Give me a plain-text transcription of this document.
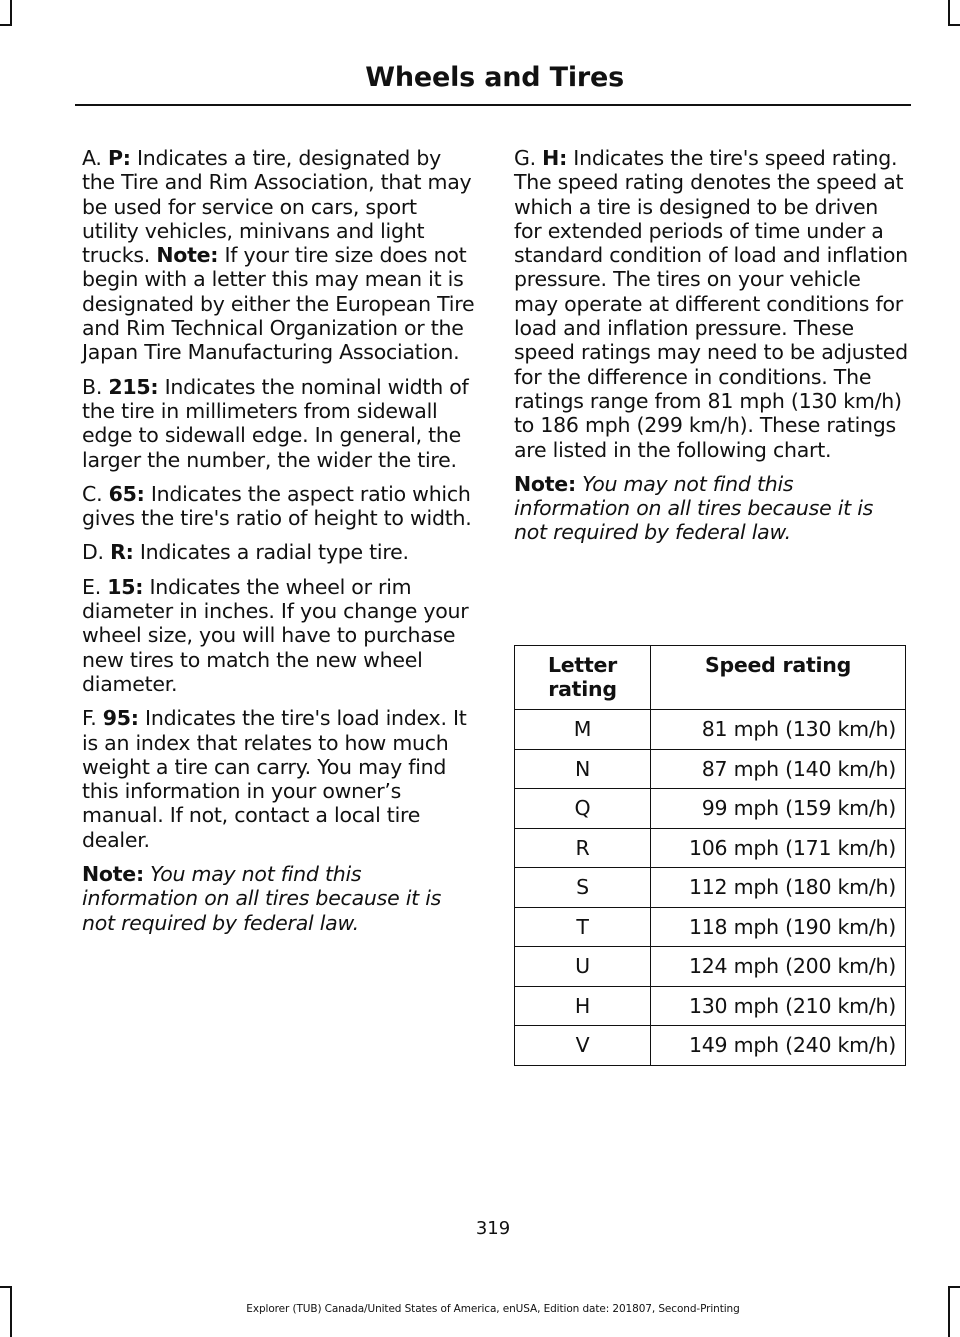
Wheels and Tires

A. P: Indicates a tire, designated by the Tire and Rim Association, that may be used for service on cars, sport utility vehicles, minivans and light trucks. Note: If your tire size does not begin with a letter this may mean it is designated by either the European Tire and Rim Technical Organization or the Japan Tire Manufacturing Association.

B. 215: Indicates the nominal width of the tire in millimeters from sidewall edge to sidewall edge. In general, the larger the number, the wider the tire.

C. 65: Indicates the aspect ratio which gives the tire's ratio of height to width.

D. R: Indicates a radial type tire.

E. 15: Indicates the wheel or rim diameter in inches. If you change your wheel size, you will have to purchase new tires to match the new wheel diameter.

F. 95: Indicates the tire's load index. It is an index that relates to how much weight a tire can carry. You may find this information in your owner’s manual. If not, contact a local tire dealer.

Note: You may not find this information on all tires because it is not required by federal law.

G. H: Indicates the tire's speed rating. The speed rating denotes the speed at which a tire is designed to be driven for extended periods of time under a standard condition of load and inflation pressure. The tires on your vehicle may operate at different conditions for load and inflation pressure. These speed ratings may need to be adjusted for the difference in conditions. The ratings range from 81 mph (130 km/h) to 186 mph (299 km/h). These ratings are listed in the following chart.

Note: You may not find this information on all tires because it is not required by federal law.

Letter rating	Speed rating
M	81 mph (130 km/h)
N	87 mph (140 km/h)
Q	99 mph (159 km/h)
R	106 mph (171 km/h)
S	112 mph (180 km/h)
T	118 mph (190 km/h)
U	124 mph (200 km/h)
H	130 mph (210 km/h)
V	149 mph (240 km/h)
319
Explorer (TUB) Canada/United States of America, enUSA, Edition date: 201807, Second-Printing
